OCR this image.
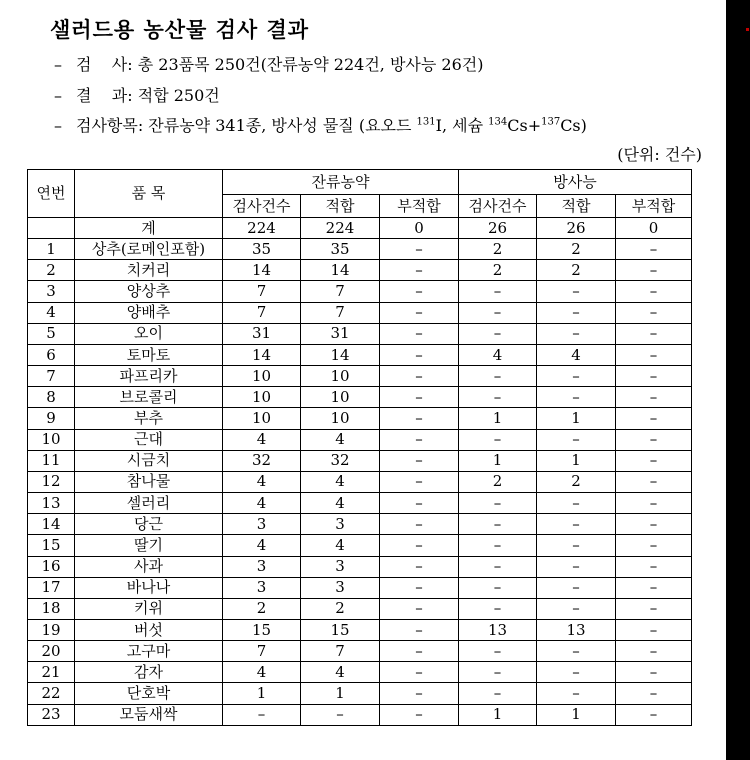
샐러드용 농산물 검사 결과
– 검    사: 총 23품목 250건(잔류농약 224건, 방사능 26건)
– 결    과: 적합 250건
– 검사항목: 잔류농약 341종, 방사성 물질 (요오드 $^{131}$I, 세슘 $^{134}$Cs+$^{137}$Cs)
(단위: 건수)
연번	품 목	잔류농약			방사능		
		검사건수	적합	부적합	검사건수	적합	부적합
	계	224	224	0	26	26	0
1	상추(로메인포함)	35	35	–	2	2	–
2	치커리	14	14	–	2	2	–
3	양상추	7	7	–	–	–	–
4	양배추	7	7	–	–	–	–
5	오이	31	31	–	–	–	–
6	토마토	14	14	–	4	4	–
7	파프리카	10	10	–	–	–	–
8	브로콜리	10	10	–	–	–	–
9	부추	10	10	–	1	1	–
10	근대	4	4	–	–	–	–
11	시금치	32	32	–	1	1	–
12	참나물	4	4	–	2	2	–
13	셀러리	4	4	–	–	–	–
14	당근	3	3	–	–	–	–
15	딸기	4	4	–	–	–	–
16	사과	3	3	–	–	–	–
17	바나나	3	3	–	–	–	–
18	키위	2	2	–	–	–	–
19	버섯	15	15	–	13	13	–
20	고구마	7	7	–	–	–	–
21	감자	4	4	–	–	–	–
22	단호박	1	1	–	–	–	–
23	모둠새싹	–	–	–	1	1	–
